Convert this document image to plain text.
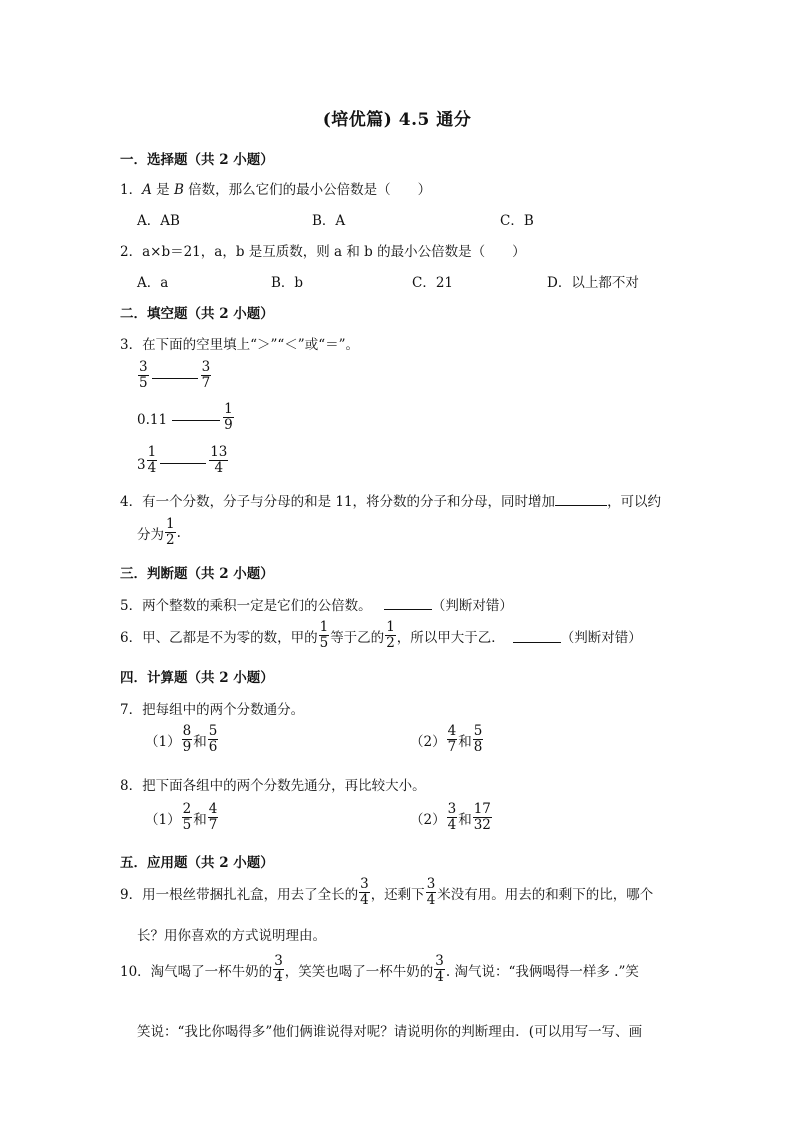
(培优篇) 4.5 通分
一．选择题（共 2 小题）
1．A 是 B 倍数，那么它们的最小公倍数是（　　）
A．AB	B．A	C．B
2．a×b＝21，a，b 是互质数，则 a 和 b 的最小公倍数是（　　）
A．a	B．b	C．21	D．以上都不对
二．填空题（共 2 小题）
3．在下面的空里填上“＞”“＜”或“＝”。
$\frac{3}{5}$	$\frac{3}{7}$
0.11	$\frac{1}{9}$
$3 \frac{1}{4}$	$\frac{13}{4}$
4．有一个分数，分子与分母的和是 11，将分数的分子和分母，同时增加	，可以约
分为 $\frac{1}{2}$ .
三．判断题（共 2 小题）
5．两个整数的乘积一定是它们的公倍数。	（判断对错）
6．甲、乙都是不为零的数，甲的 $\frac{1}{5}$ 等于乙的 $\frac{1}{2}$ ，所以甲大于乙．	（判断对错）
四．计算题（共 2 小题）
7．把每组中的两个分数通分。
$(1) \frac{8}{9}$ 和 $\frac{5}{6}$	$(2) \frac{4}{7}$ 和 $\frac{5}{8}$
8．把下面各组中的两个分数先通分，再比较大小。
$(1) \frac{2}{5}$ 和 $\frac{4}{7}$	$(2) \frac{3}{4}$ 和 $\frac{17}{32}$
五．应用题（共 2 小题）
9．用一根丝带捆扎礼盒，用去了全长的 $\frac{3}{4}$ ，还剩下 $\frac{3}{4}$ 米没有用。用去的和剩下的比，哪个
长？用你喜欢的方式说明理由。
10．淘气喝了一杯牛奶的 $\frac{3}{4}$ ，笑笑也喝了一杯牛奶的 $\frac{3}{4}$ . 淘气说：“我俩喝得一样多 .”笑
笑说：“我比你喝得多”他们俩谁说得对呢？请说明你的判断理由．(可以用写一写、画
